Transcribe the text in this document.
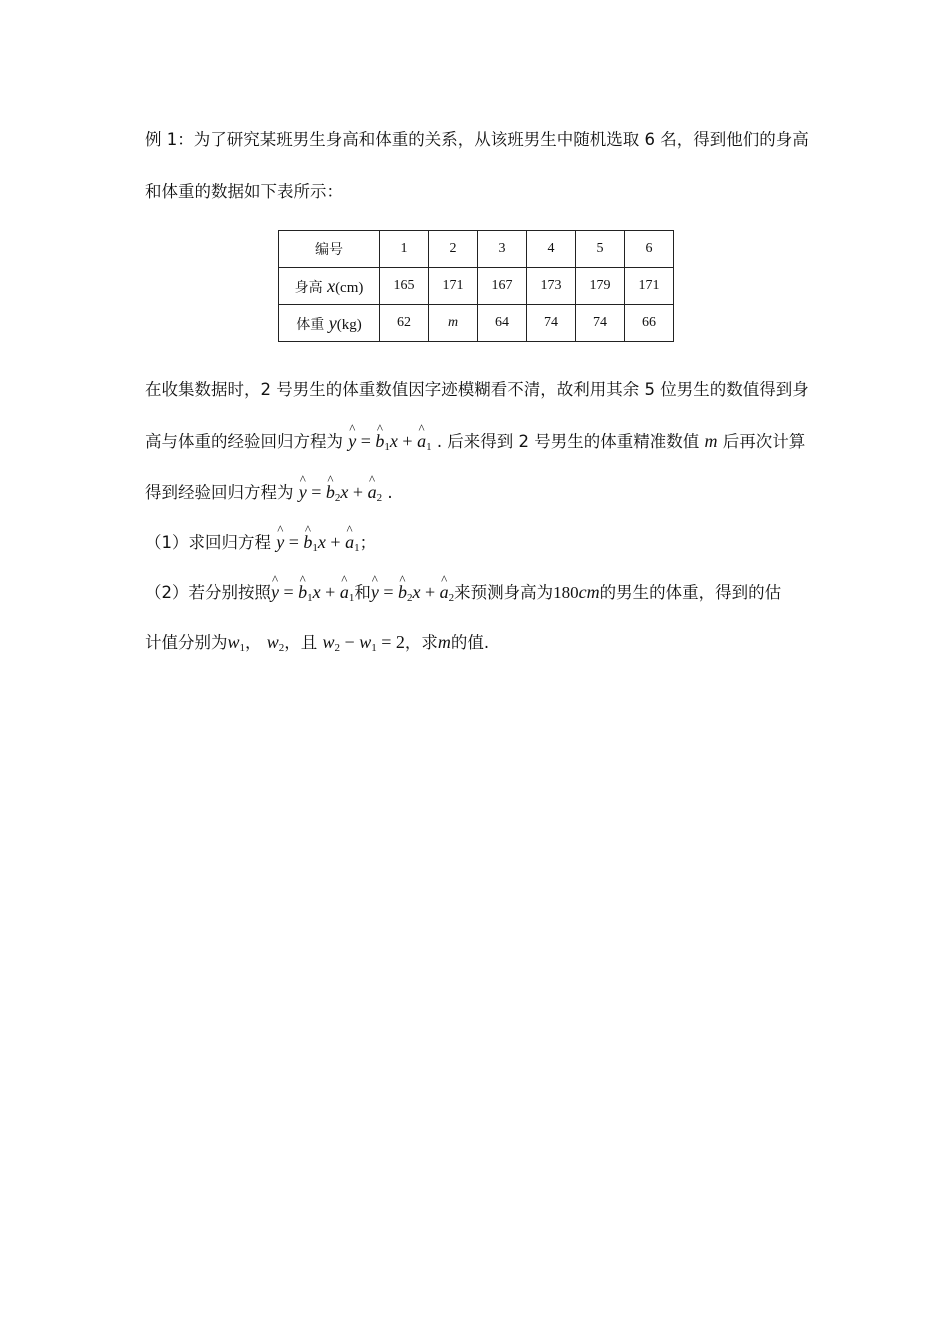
例 1：为了研究某班男生身高和体重的关系，从该班男生中随机选取 6 名，得到他们的身高
和体重的数据如下表所示：
编号	1	2	3	4	5	6
身高 x(cm)	165	171	167	173	179	171
体重 y(kg)	62	m	64	74	74	66
在收集数据时，2 号男生的体重数值因字迹模糊看不清，故利用其余 5 位男生的数值得到身
高与体重的经验回归方程为 ^ y = ^ $b_1x$ + ^ $a_1$ . 后来得到 2 号男生的体重精准数值 m 后再次计算
得到经验回归方程为 ^ y = ^ $b_2x$ + ^ $a_2$ .
（1）求回归方程 ^ y = ^ $b_1x$ + ^ $a_1$；
（2）若分别按照^ y = ^ $b_1x$ + ^ $a_1$和^ y = ^ $b_2x$ + ^ $a_2$来预测身高为180cm的男生的体重，得到的估
计值分别为$w_1$， $w_2$，且 $w_2 - w_1 = 2$，求m的值.
